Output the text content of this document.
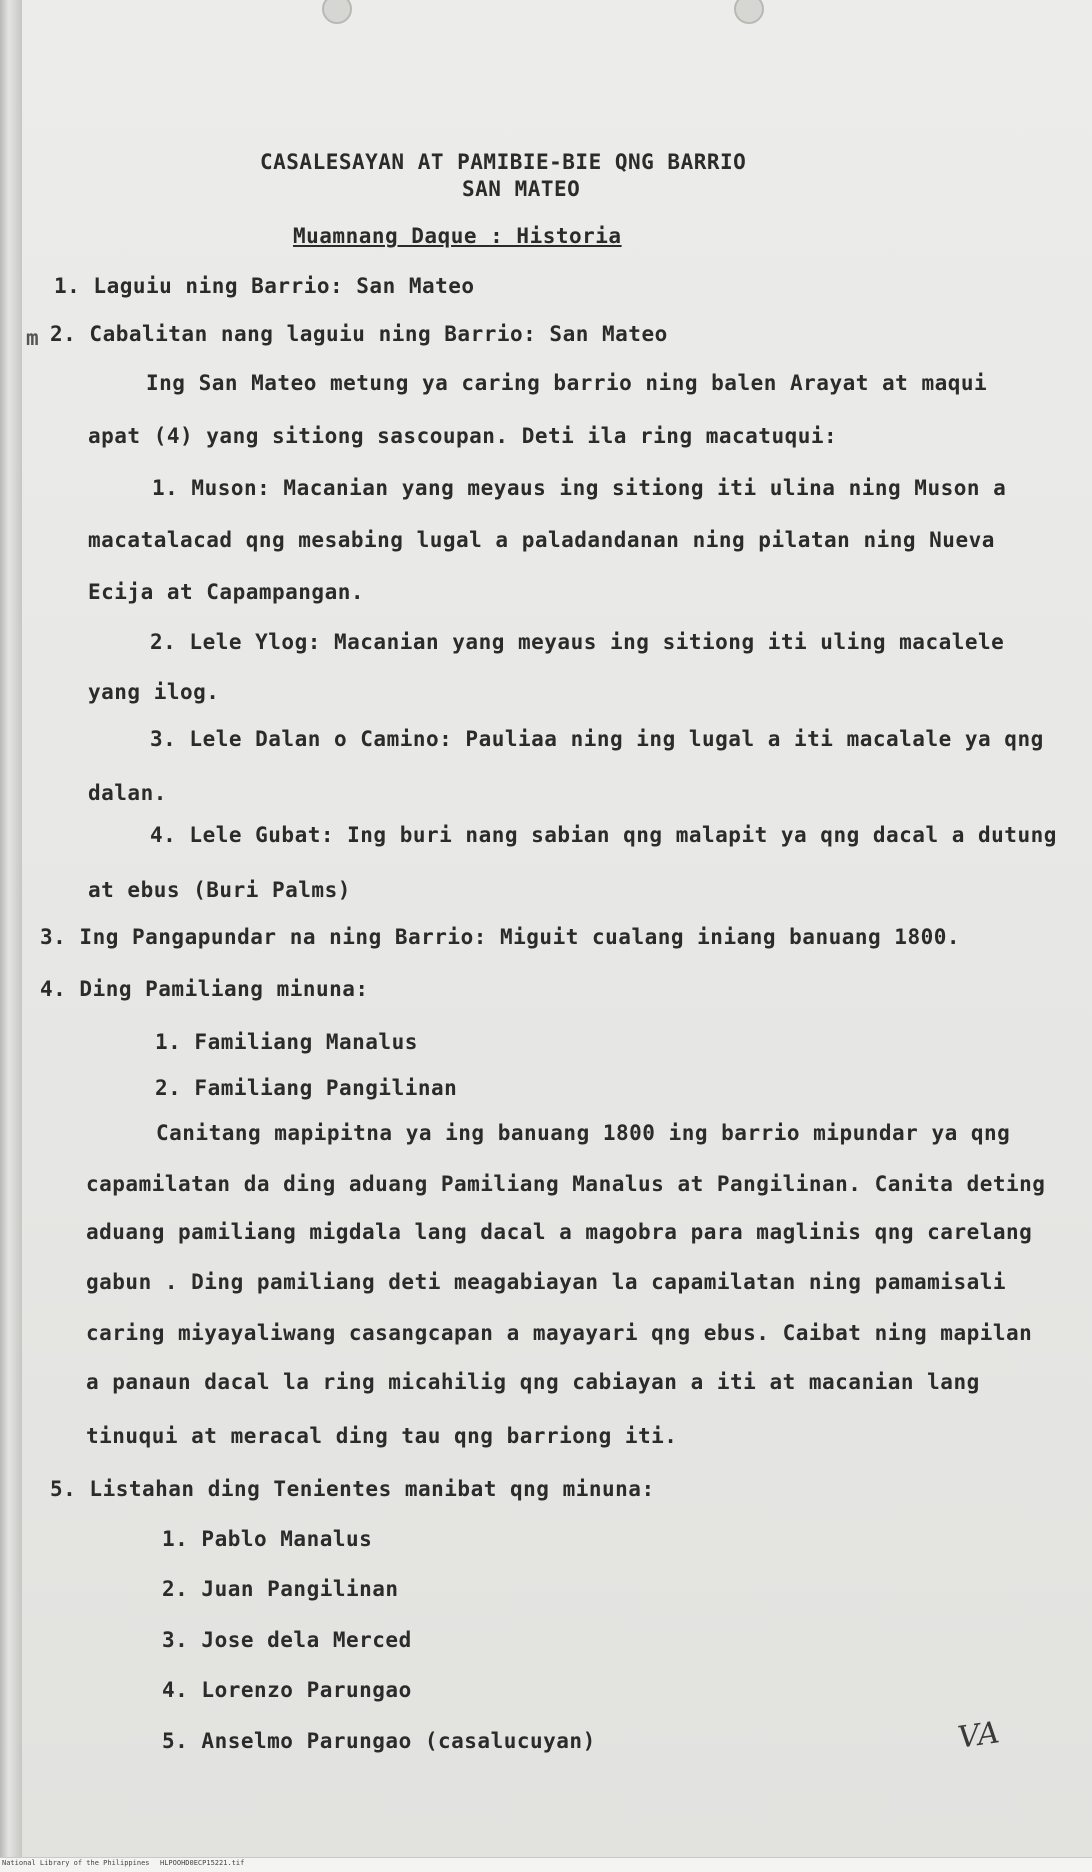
CASALESAYAN AT PAMIBIE-BIE QNG BARRIO
SAN MATEO
Muamnang Daque : Historia
m
1. Laguiu ning Barrio: San Mateo
2. Cabalitan nang laguiu ning Barrio: San Mateo
Ing San Mateo metung ya caring barrio ning balen Arayat at maqui
apat (4) yang sitiong sascoupan. Deti ila ring macatuqui:
1. Muson: Macanian yang meyaus ing sitiong iti ulina ning Muson a
macatalacad qng mesabing lugal a paladandanan ning pilatan ning Nueva
Ecija at Capampangan.
2. Lele Ylog: Macanian yang meyaus ing sitiong iti uling macalele
yang ilog.
3. Lele Dalan o Camino: Pauliaa ning ing lugal a iti macalale ya qng
dalan.
4. Lele Gubat: Ing buri nang sabian qng malapit ya qng dacal a dutung
at ebus (Buri Palms)
3. Ing Pangapundar na ning Barrio: Miguit cualang iniang banuang 1800.
4. Ding Pamiliang minuna:
1. Familiang Manalus
2. Familiang Pangilinan
Canitang mapipitna ya ing banuang 1800 ing barrio mipundar ya qng
capamilatan da ding aduang Pamiliang Manalus at Pangilinan. Canita deting
aduang pamiliang migdala lang dacal a magobra para maglinis qng carelang
gabun . Ding pamiliang deti meagabiayan la capamilatan ning pamamisali
caring miyayaliwang casangcapan a mayayari qng ebus. Caibat ning mapilan
a panaun dacal la ring micahilig qng cabiayan a iti at macanian lang
tinuqui at meracal ding tau qng barriong iti.
5. Listahan ding Tenientes manibat qng minuna:
1. Pablo Manalus
2. Juan Pangilinan
3. Jose dela Merced
4. Lorenzo Parungao
5. Anselmo Parungao (casalucuyan)	VA
National Library of the Philippines HLPOOHD0ECP15221.tif
